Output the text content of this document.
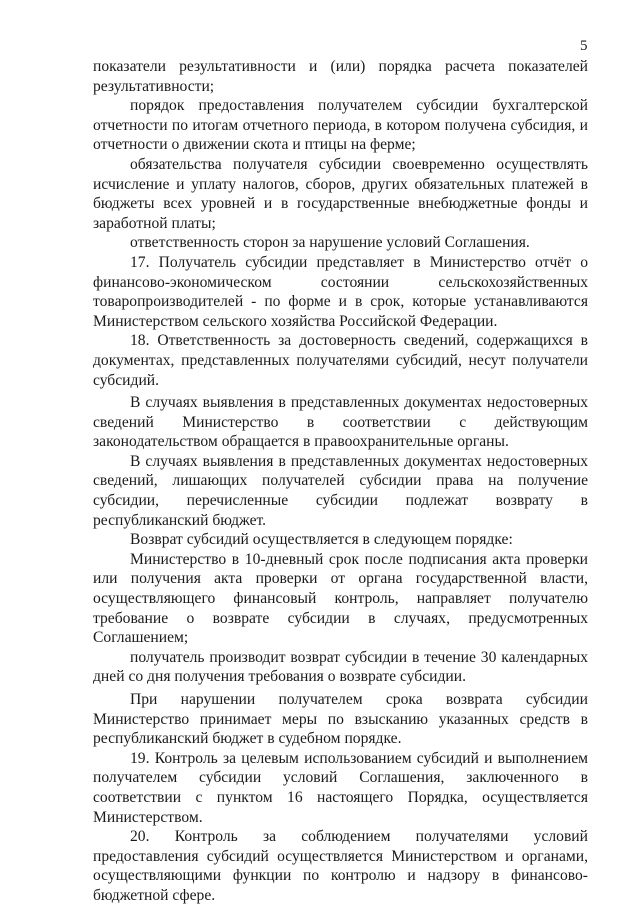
5

показатели результативности и (или) порядка расчета показателей результативности;

порядок предоставления получателем субсидии бухгалтерской отчетности по итогам отчетного периода, в котором получена субсидия, и отчетности о движении скота и птицы на ферме;

обязательства получателя субсидии своевременно осуществлять исчисление и уплату налогов, сборов, других обязательных платежей в бюджеты всех уровней и в государственные внебюджетные фонды и заработной платы;

ответственность сторон за нарушение условий Соглашения.

17. Получатель субсидии представляет в Министерство отчёт о финансово-экономическом состоянии сельскохозяйственных товаропроизводителей - по форме и в срок, которые устанавливаются Министерством сельского хозяйства Российской Федерации.

18. Ответственность за достоверность сведений, содержащихся в документах, представленных получателями субсидий, несут получатели субсидий.

В случаях выявления в представленных документах недостоверных сведений Министерство в соответствии с действующим законодательством обращается в правоохранительные органы.

В случаях выявления в представленных документах недостоверных сведений, лишающих получателей субсидии права на получение субсидии, перечисленные субсидии подлежат возврату в республиканский бюджет.

Возврат субсидий осуществляется в следующем порядке:

Министерство в 10-дневный срок после подписания акта проверки или получения акта проверки от органа государственной власти, осуществляющего финансовый контроль, направляет получателю требование о возврате субсидии в случаях, предусмотренных Соглашением;

получатель производит возврат субсидии в течение 30 календарных дней со дня получения требования о возврате субсидии.

При нарушении получателем срока возврата субсидии Министерство принимает меры по взысканию указанных средств в республиканский бюджет в судебном порядке.

19. Контроль за целевым использованием субсидий и выполнением получателем субсидии условий Соглашения, заключенного в соответствии с пунктом 16 настоящего Порядка, осуществляется Министерством.

20. Контроль за соблюдением получателями условий предоставления субсидий осуществляется Министерством и органами, осуществляющими функции по контролю и надзору в финансово-бюджетной сфере.
